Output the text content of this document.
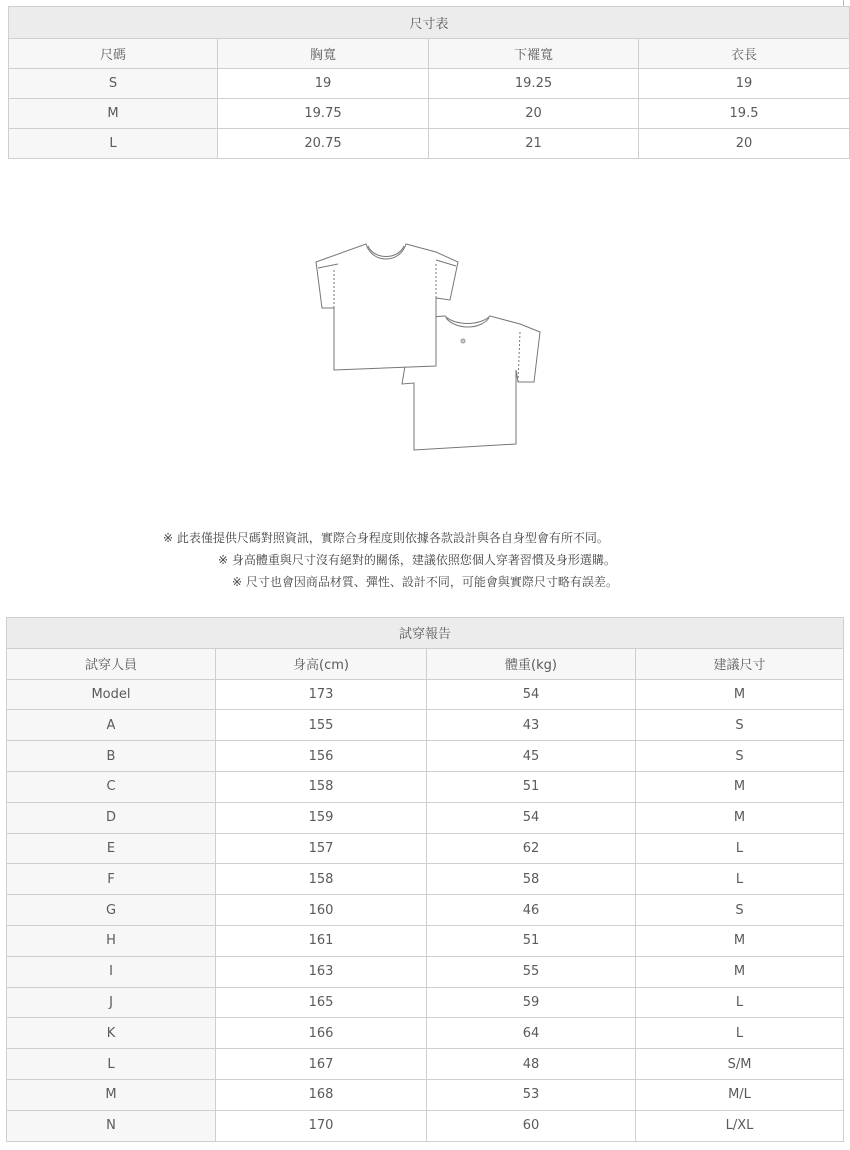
尺寸表			
尺碼	胸寬	下襬寬	衣長
S	19	19.25	19
M	19.75	20	19.5
L	20.75	21	20
※ 此表僅提供尺碼對照資訊，實際合身程度則依據各款設計與各自身型會有所不同。
※ 身高體重與尺寸沒有絕對的關係，建議依照您個人穿著習慣及身形選購。
※ 尺寸也會因商品材質、彈性、設計不同，可能會與實際尺寸略有誤差。
試穿報告			
試穿人員	身高(cm)	體重(kg)	建議尺寸
Model	173	54	M
A	155	43	S
B	156	45	S
C	158	51	M
D	159	54	M
E	157	62	L
F	158	58	L
G	160	46	S
H	161	51	M
I	163	55	M
J	165	59	L
K	166	64	L
L	167	48	S/M
M	168	53	M/L
N	170	60	L/XL
